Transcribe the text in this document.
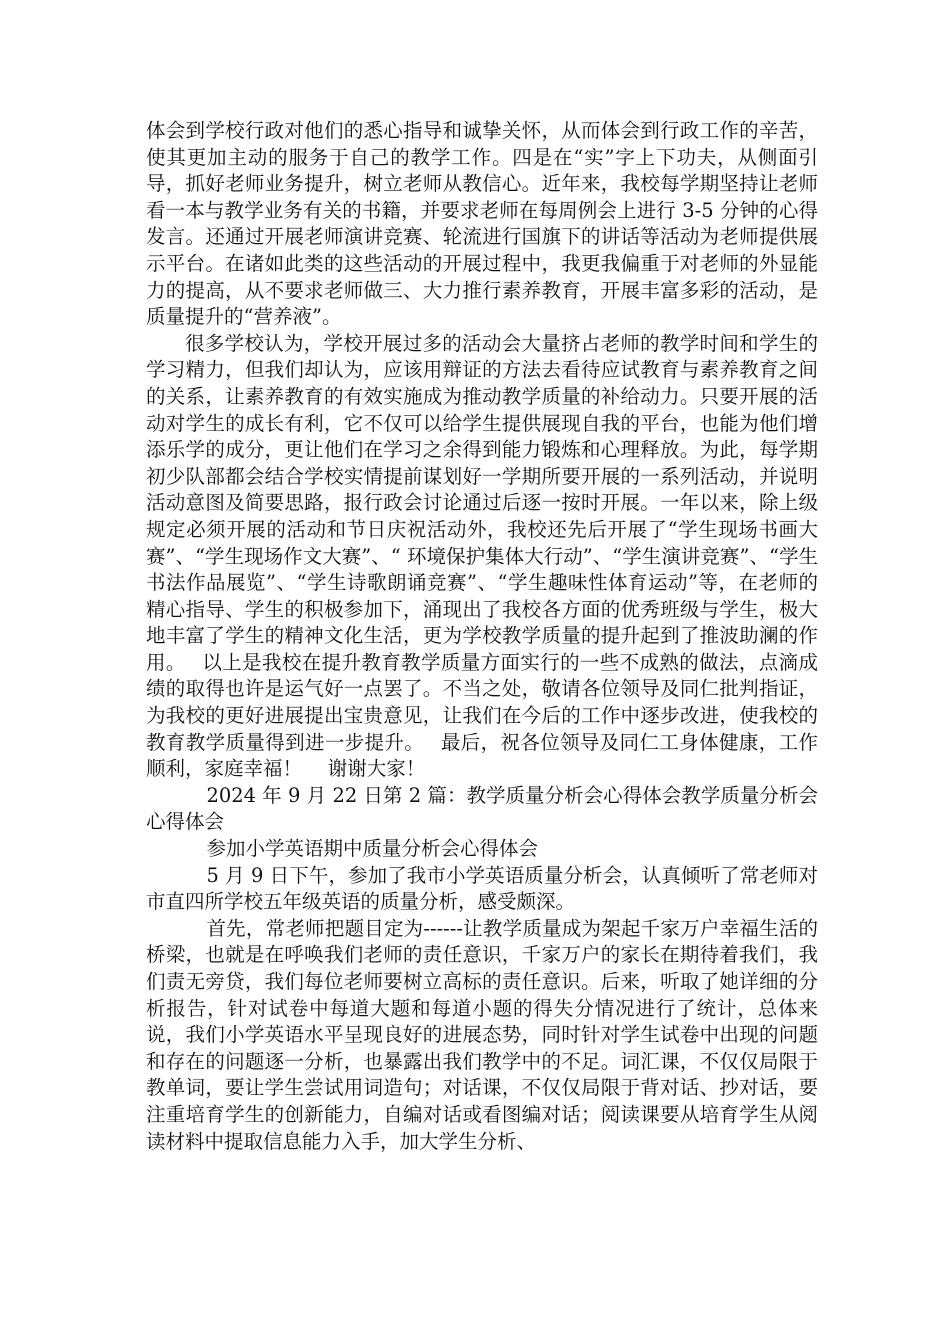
体会到学校行政对他们的悉心指导和诚挚关怀，从而体会到行政工作的辛苦，使其更加主动的服务于自己的教学工作。四是在“实”字上下功夫，从侧面引导，抓好老师业务提升，树立老师从教信心。近年来，我校每学期坚持让老师看一本与教学业务有关的书籍，并要求老师在每周例会上进行 3-5 分钟的心得发言。还通过开展老师演讲竞赛、轮流进行国旗下的讲话等活动为老师提供展示平台。在诸如此类的这些活动的开展过程中，我更我偏重于对老师的外显能力的提高，从不要求老师做三、大力推行素养教育，开展丰富多彩的活动，是质量提升的“营养液”。

很多学校认为，学校开展过多的活动会大量挤占老师的教学时间和学生的学习精力，但我们却认为，应该用辩证的方法去看待应试教育与素养教育之间的关系，让素养教育的有效实施成为推动教学质量的补给动力。只要开展的活动对学生的成长有利，它不仅可以给学生提供展现自我的平台，也能为他们增添乐学的成分，更让他们在学习之余得到能力锻炼和心理释放。为此，每学期初少队部都会结合学校实情提前谋划好一学期所要开展的一系列活动，并说明活动意图及简要思路，报行政会讨论通过后逐一按时开展。一年以来，除上级规定必须开展的活动和节日庆祝活动外，我校还先后开展了“学生现场书画大赛”、“学生现场作文大赛”、“ 环境保护集体大行动”、“学生演讲竞赛”、“学生书法作品展览”、“学生诗歌朗诵竞赛”、“学生趣味性体育运动”等，在老师的精心指导、学生的积极参加下，涌现出了我校各方面的优秀班级与学生，极大地丰富了学生的精神文化生活，更为学校教学质量的提升起到了推波助澜的作用。　 以上是我校在提升教育教学质量方面实行的一些不成熟的做法，点滴成绩的取得也许是运气好一点罢了。不当之处，敬请各位领导及同仁批判指证，为我校的更好进展提出宝贵意见，让我们在今后的工作中逐步改进，使我校的教育教学质量得到进一步提升。　 最后，祝各位领导及同仁工身体健康，工作顺利，家庭幸福！　 谢谢大家！

2024 年 9 月 22 日第 2 篇：教学质量分析会心得体会教学质量分析会心得体会

参加小学英语期中质量分析会心得体会

5 月 9 日下午，参加了我市小学英语质量分析会，认真倾听了常老师对市直四所学校五年级英语的质量分析，感受颇深。

首先，常老师把题目定为------让教学质量成为架起千家万户幸福生活的桥梁，也就是在呼唤我们老师的责任意识，千家万户的家长在期待着我们，我们责无旁贷，我们每位老师要树立高标的责任意识。后来，听取了她详细的分析报告，针对试卷中每道大题和每道小题的得失分情况进行了统计，总体来说，我们小学英语水平呈现良好的进展态势，同时针对学生试卷中出现的问题和存在的问题逐一分析，也暴露出我们教学中的不足。词汇课，不仅仅局限于教单词，要让学生尝试用词造句；对话课，不仅仅局限于背对话、抄对话，要注重培育学生的创新能力，自编对话或看图编对话；阅读课要从培育学生从阅读材料中提取信息能力入手，加大学生分析、
